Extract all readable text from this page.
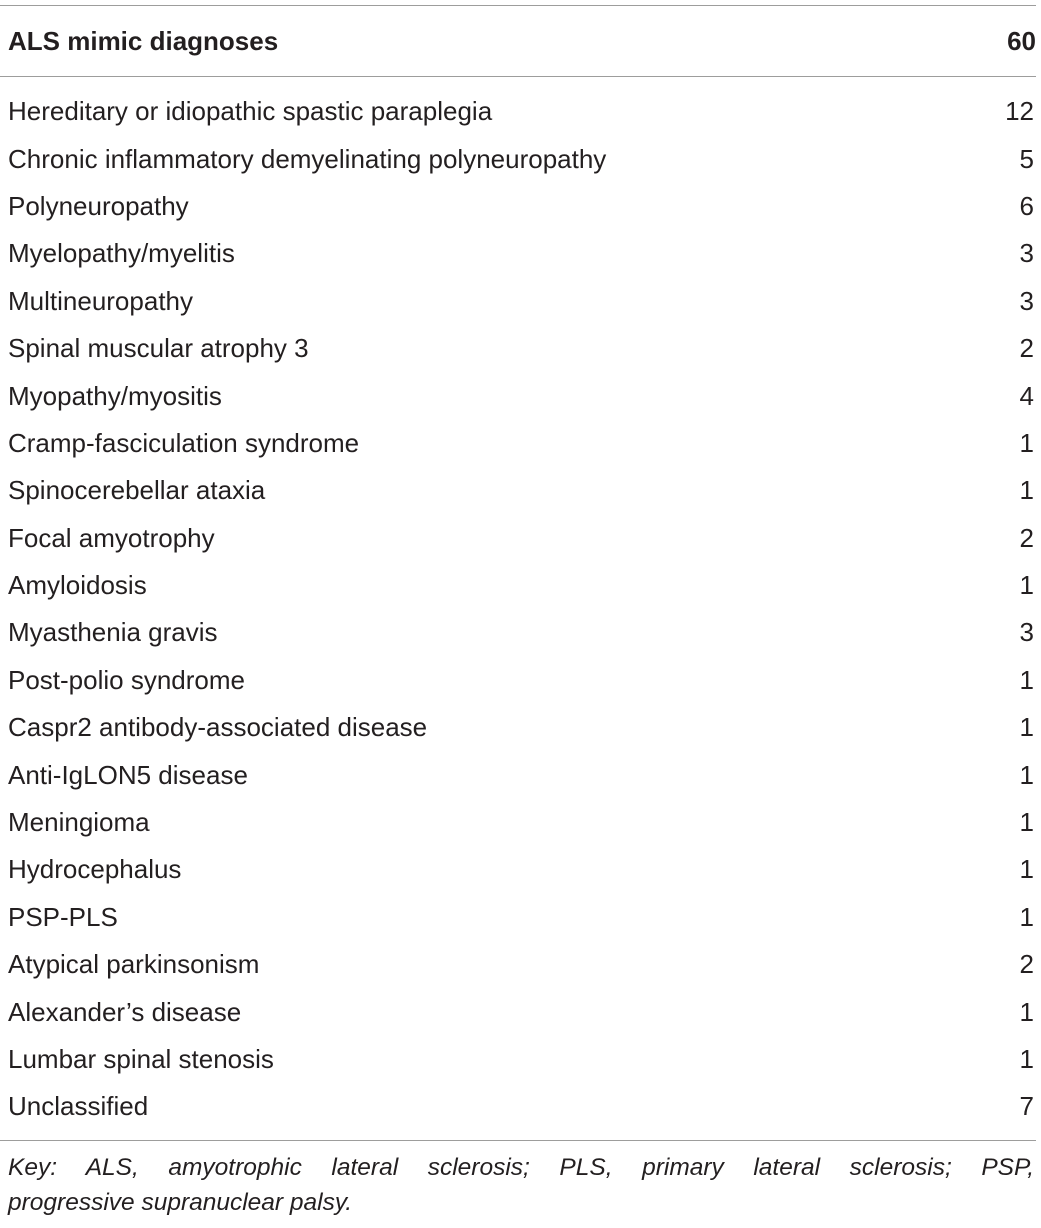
ALS mimic diagnoses	60
Hereditary or idiopathic spastic paraplegia	12
Chronic inflammatory demyelinating polyneuropathy	5
Polyneuropathy	6
Myelopathy/myelitis	3
Multineuropathy	3
Spinal muscular atrophy 3	2
Myopathy/myositis	4
Cramp-fasciculation syndrome	1
Spinocerebellar ataxia	1
Focal amyotrophy	2
Amyloidosis	1
Myasthenia gravis	3
Post-polio syndrome	1
Caspr2 antibody-associated disease	1
Anti-IgLON5 disease	1
Meningioma	1
Hydrocephalus	1
PSP-PLS	1
Atypical parkinsonism	2
Alexander’s disease	1
Lumbar spinal stenosis	1
Unclassified	7
Key: ALS, amyotrophic lateral sclerosis; PLS, primary lateral sclerosis; PSP,
progressive supranuclear palsy.
